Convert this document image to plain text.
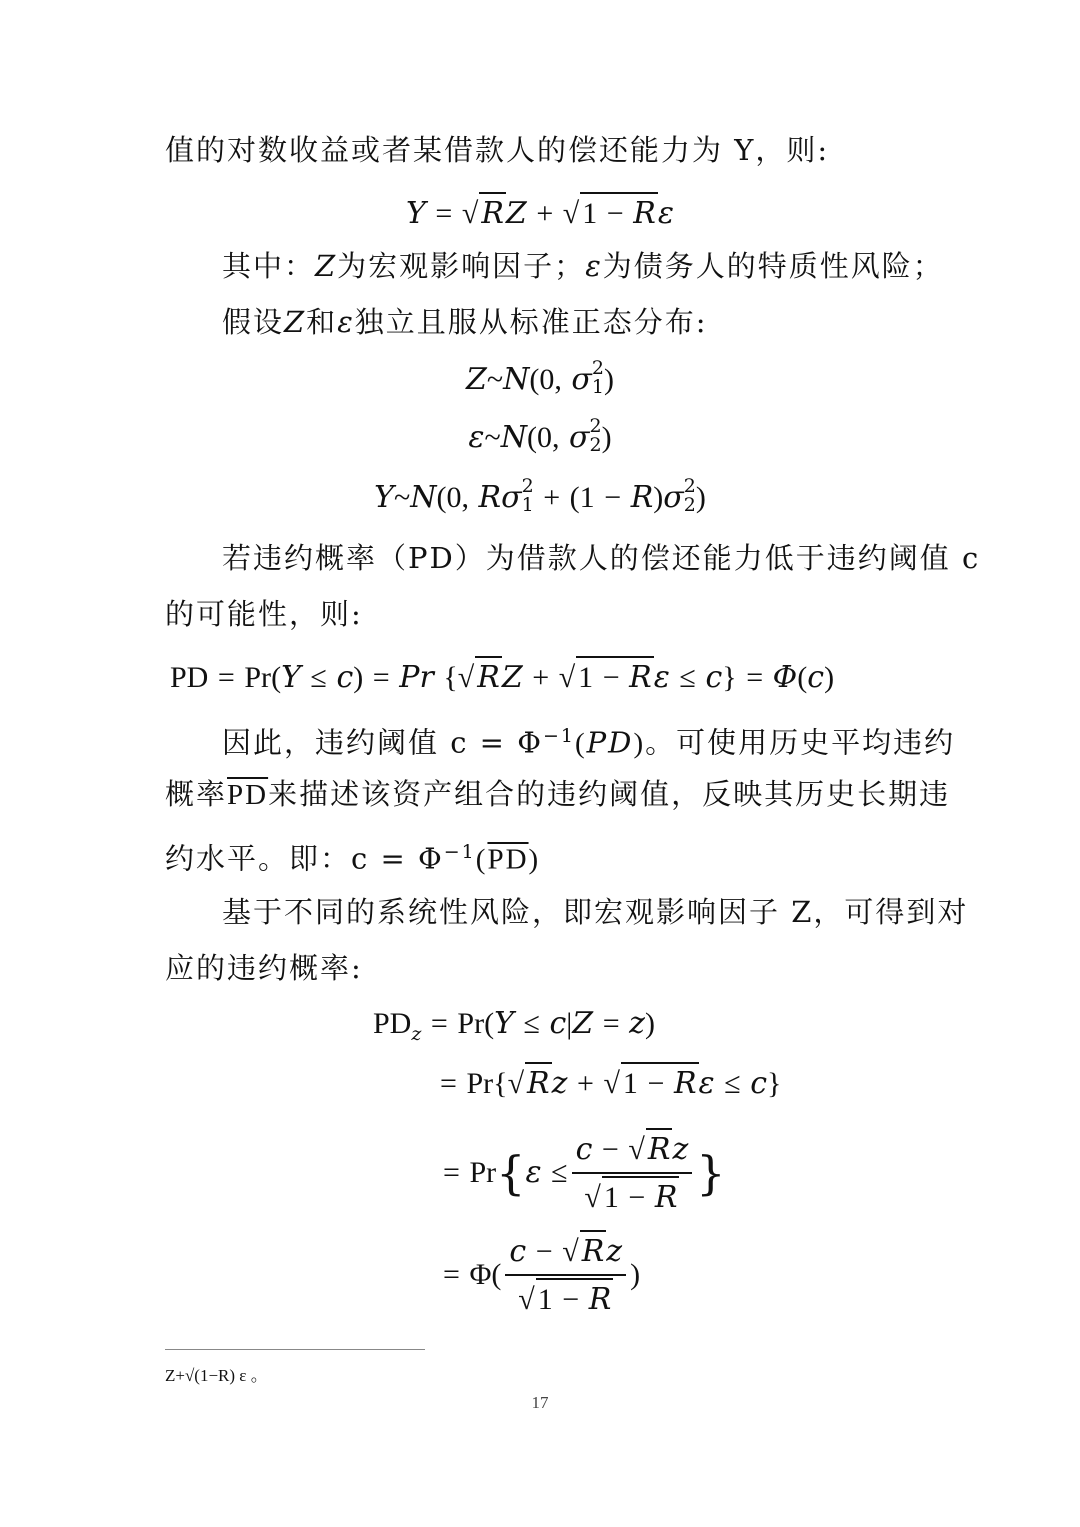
值的对数收益或者某借款人的偿还能力为 Y，则:
Y = √ RZ + √ 1 − Rε
其中：Z为宏观影响因子；ε为债务人的特质性风险；
假设Z和ε独立且服从标准正态分布:
Z~N(0, σ 2
1 )
ε~N(0, σ 2
2 )
Y~N(0, Rσ 2
1 + (1 − R)σ 2
2 )
若违约概率（PD）为借款人的偿还能力低于违约阈值 c
的可能性，则:
PD = Pr(Y ≤ c) = Pr {√ RZ + √ 1 − Rε ≤ c} = Φ(c)
因此，违约阈值 $c = \Phi^{-1}(PD)$。可使用历史平均违约
概率$\overline{PD}$来描述该资产组合的违约阈值，反映其历史长期违
约水平。即：$c = \Phi^{-1}(\overline{PD})$
基于不同的系统性风险，即宏观影响因子 Z，可得到对
应的违约概率:
$PD_z = Pr(Y \le c|Z = z)$
= Pr{√ Rz + √ 1 − Rε ≤ c}
= $Pr\{\varepsilon \le \frac{c - √ Rz}{√ 1 - R}$ }
= $\Phi( \frac{c - √ Rz}{√ 1 - R}$ )
Z+√(1−R) ε 。
17
